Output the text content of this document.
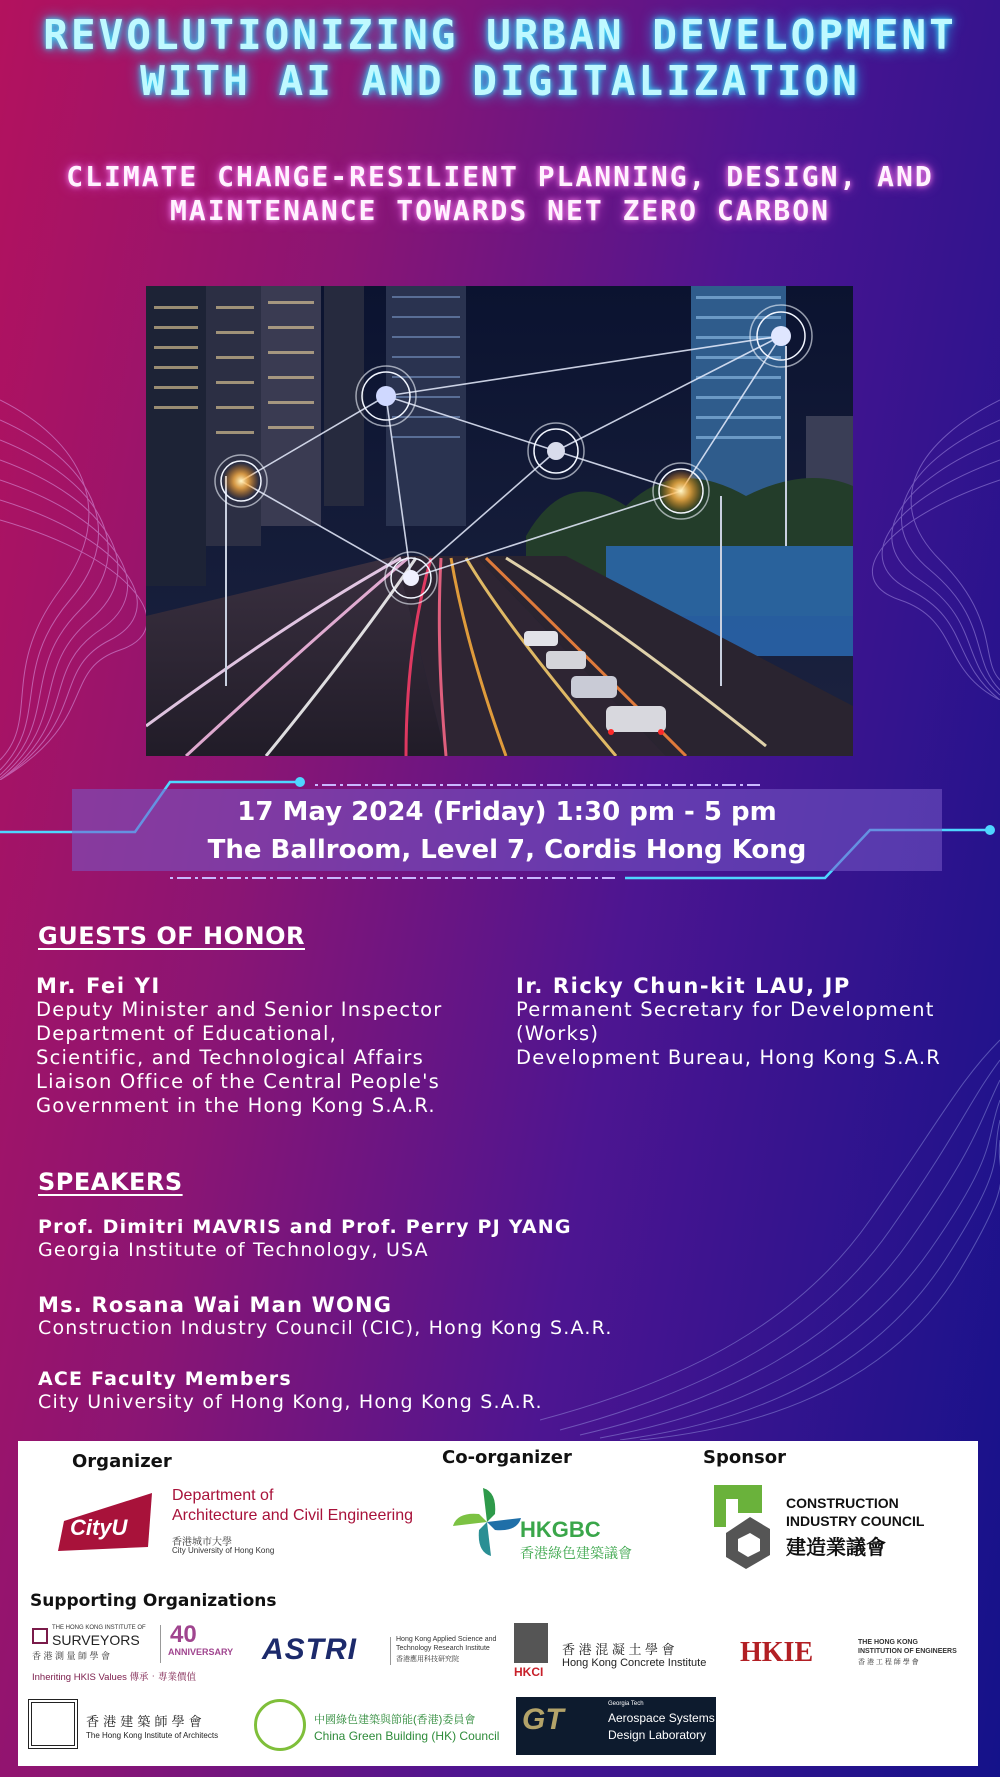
REVOLUTIONIZING URBAN DEVELOPMENT WITH AI AND DIGITALIZATION
CLIMATE CHANGE-RESILIENT PLANNING, DESIGN, AND MAINTENANCE TOWARDS NET ZERO CARBON
17 May 2024 (Friday) 1:30 pm - 5 pm
The Ballroom, Level 7, Cordis Hong Kong
GUESTS OF HONOR
Mr. Fei YI
Deputy Minister and Senior Inspector
Department of Educational,
Scientific, and Technological Affairs
Liaison Office of the Central People's
Government in the Hong Kong S.A.R.
Ir. Ricky Chun-kit LAU, JP
Permanent Secretary for Development
(Works)
Development Bureau, Hong Kong S.A.R
SPEAKERS
Prof. Dimitri MAVRIS and Prof. Perry PJ YANG
Georgia Institute of Technology, USA
Ms. Rosana Wai Man WONG
Construction Industry Council (CIC), Hong Kong S.A.R.
ACE Faculty Members
City University of Hong Kong, Hong Kong S.A.R.
Organizer	Co-organizer	Sponsor
CityU
Department of
Architecture and Civil Engineering
香港城市大學
City University of Hong Kong
HKGBC
香港綠色建築議會
CONSTRUCTION
INDUSTRY COUNCIL
建造業議會
Supporting Organizations
THE HONG KONG INSTITUTE OF
SURVEYORS
香 港 測 量 師 學 會
40
ANNIVERSARY
Inheriting HKIS Values 傳承‧專業價值
ASTRI	Hong Kong Applied Science and
Technology Research Institute
香港應用科技研究院
HKCI
香 港 混 凝 土 學 會
Hong Kong Concrete Institute HKIE	THE HONG KONG
INSTITUTION OF ENGINEERS
香 港 工 程 師 學 會
香 港 建 築 師 學 會
The Hong Kong Institute of Architects
中國綠色建築與節能(香港)委員會
China Green Building (HK) Council GT	Georgia Tech
Aerospace Systems
Design Laboratory
